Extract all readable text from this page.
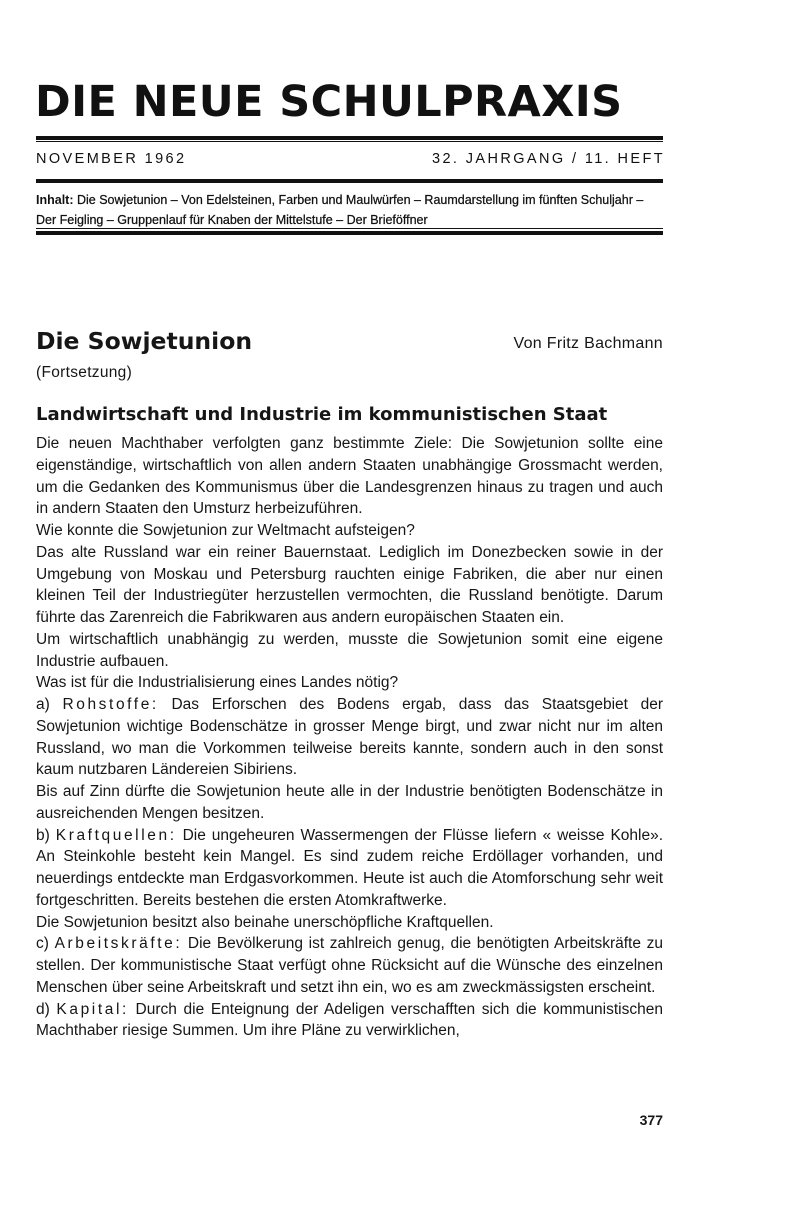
DIE NEUE SCHULPRAXIS
NOVEMBER 1962	32. JAHRGANG / 11. HEFT
Inhalt: Die Sowjetunion – Von Edelsteinen, Farben und Maulwürfen – Raumdarstellung im fünften Schuljahr – Der Feigling – Gruppenlauf für Knaben der Mittelstufe – Der Brieföffner
Die Sowjetunion	Von Fritz Bachmann
(Fortsetzung)
Landwirtschaft und Industrie im kommunistischen Staat

Die neuen Machthaber verfolgten ganz bestimmte Ziele: Die Sowjetunion sollte eine eigenständige, wirtschaftlich von allen andern Staaten unabhängige Grossmacht werden, um die Gedanken des Kommunismus über die Landesgrenzen hinaus zu tragen und auch in andern Staaten den Umsturz herbeizuführen.

Wie konnte die Sowjetunion zur Weltmacht aufsteigen?

Das alte Russland war ein reiner Bauernstaat. Lediglich im Donezbecken sowie in der Umgebung von Moskau und Petersburg rauchten einige Fabriken, die aber nur einen kleinen Teil der Industriegüter herzustellen vermochten, die Russland benötigte. Darum führte das Zarenreich die Fabrikwaren aus andern europäischen Staaten ein.

Um wirtschaftlich unabhängig zu werden, musste die Sowjetunion somit eine eigene Industrie aufbauen.

Was ist für die Industrialisierung eines Landes nötig?

a) Rohstoffe: Das Erforschen des Bodens ergab, dass das Staatsgebiet der Sowjetunion wichtige Bodenschätze in grosser Menge birgt, und zwar nicht nur im alten Russland, wo man die Vorkommen teilweise bereits kannte, sondern auch in den sonst kaum nutzbaren Ländereien Sibiriens.

Bis auf Zinn dürfte die Sowjetunion heute alle in der Industrie benötigten Bodenschätze in ausreichenden Mengen besitzen.

b) Kraftquellen: Die ungeheuren Wassermengen der Flüsse liefern « weisse Kohle». An Steinkohle besteht kein Mangel. Es sind zudem reiche Erdöllager vorhanden, und neuerdings entdeckte man Erdgasvorkommen. Heute ist auch die Atomforschung sehr weit fortgeschritten. Bereits bestehen die ersten Atomkraftwerke.

Die Sowjetunion besitzt also beinahe unerschöpfliche Kraftquellen.

c) Arbeitskräfte: Die Bevölkerung ist zahlreich genug, die benötigten Arbeitskräfte zu stellen. Der kommunistische Staat verfügt ohne Rücksicht auf die Wünsche des einzelnen Menschen über seine Arbeitskraft und setzt ihn ein, wo es am zweckmässigsten erscheint.

d) Kapital: Durch die Enteignung der Adeligen verschafften sich die kommunistischen Machthaber riesige Summen. Um ihre Pläne zu verwirklichen,

377
